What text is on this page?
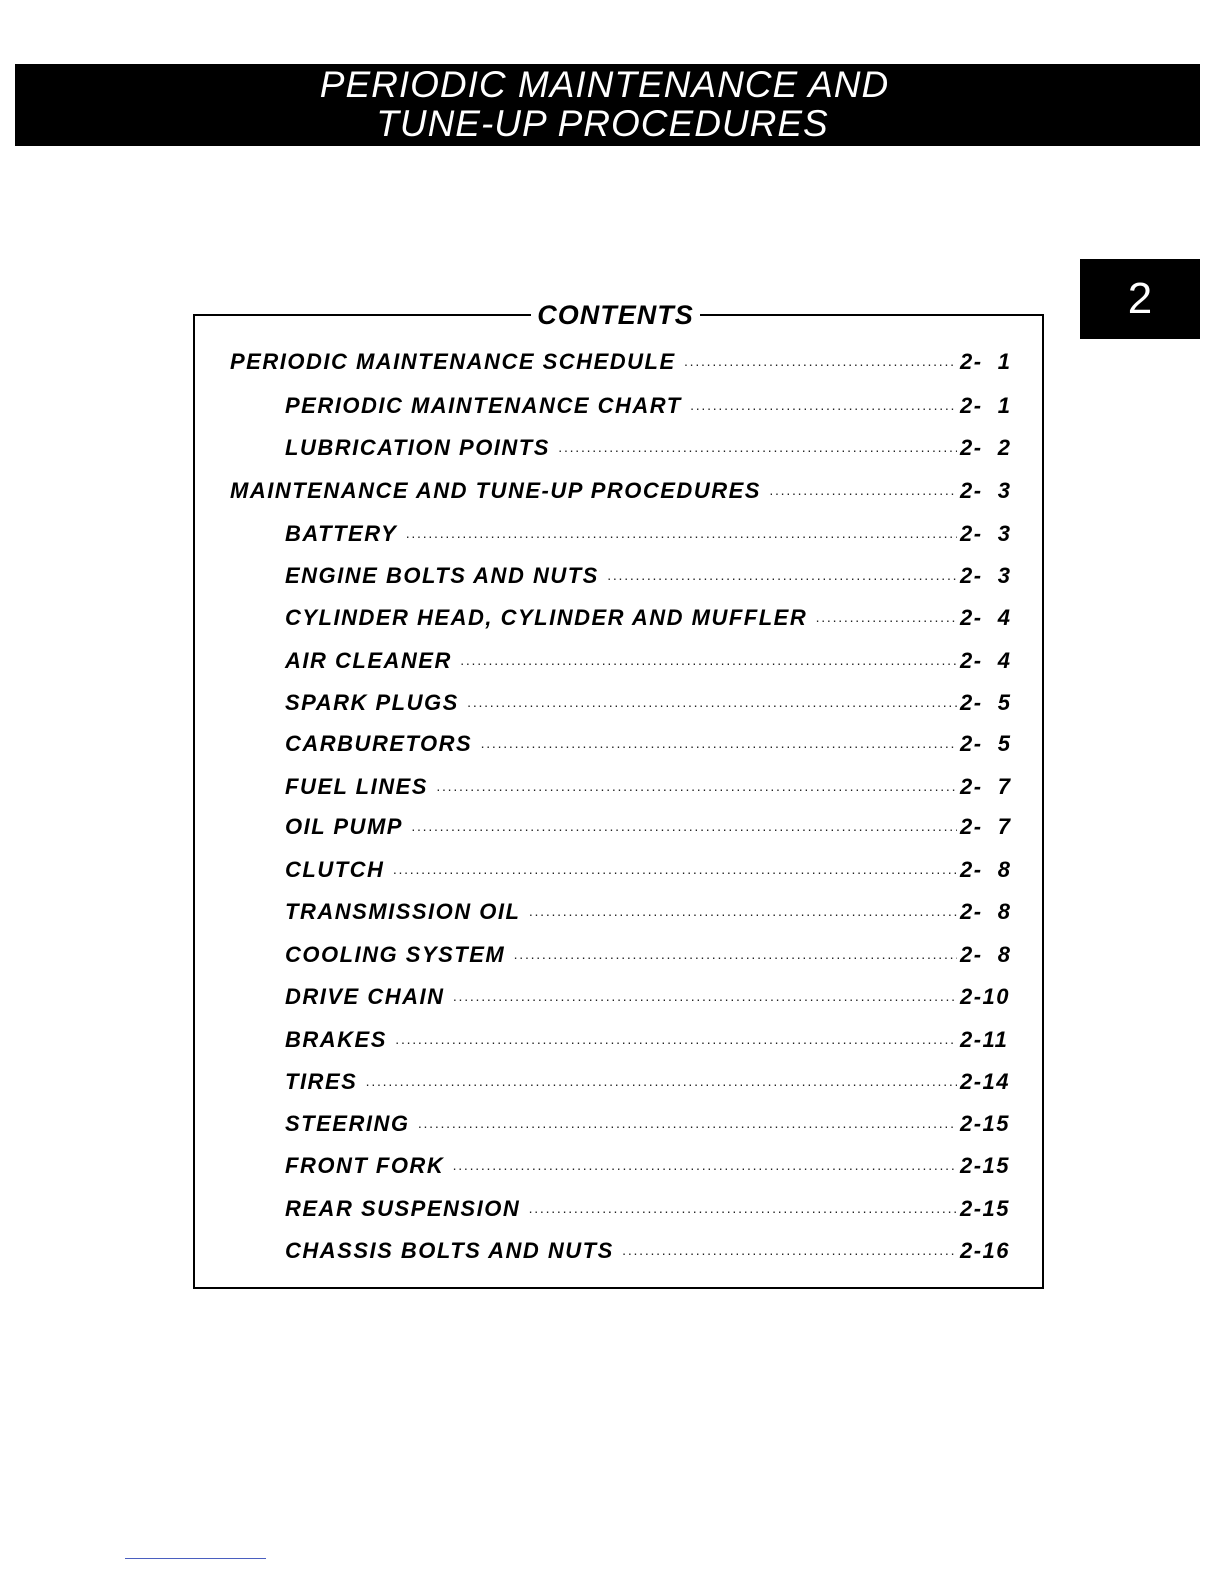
PERIODIC MAINTENANCE AND
TUNE-UP PROCEDURES
2
CONTENTS
PERIODIC MAINTENANCE SCHEDULE ·····	2-  1
PERIODIC MAINTENANCE CHART ·····	2-  1
LUBRICATION POINTS ·····	2-  2
MAINTENANCE AND TUNE-UP PROCEDURES ·····	2-  3
BATTERY ·····	2-  3
ENGINE BOLTS AND NUTS ·····	2-  3
CYLINDER HEAD, CYLINDER AND MUFFLER ·····	2-  4
AIR CLEANER ·····	2-  4
SPARK PLUGS ·····	2-  5
CARBURETORS ·····	2-  5
FUEL LINES ·····	2-  7
OIL PUMP ·····	2-  7
CLUTCH ·····	2-  8
TRANSMISSION OIL ·····	2-  8
COOLING SYSTEM ·····	2-  8
DRIVE CHAIN ·····	2-10
BRAKES ·····	2-11
TIRES ·····	2-14
STEERING ·····	2-15
FRONT FORK ·····	2-15
REAR SUSPENSION ·····	2-15
CHASSIS BOLTS AND NUTS ·····	2-16
